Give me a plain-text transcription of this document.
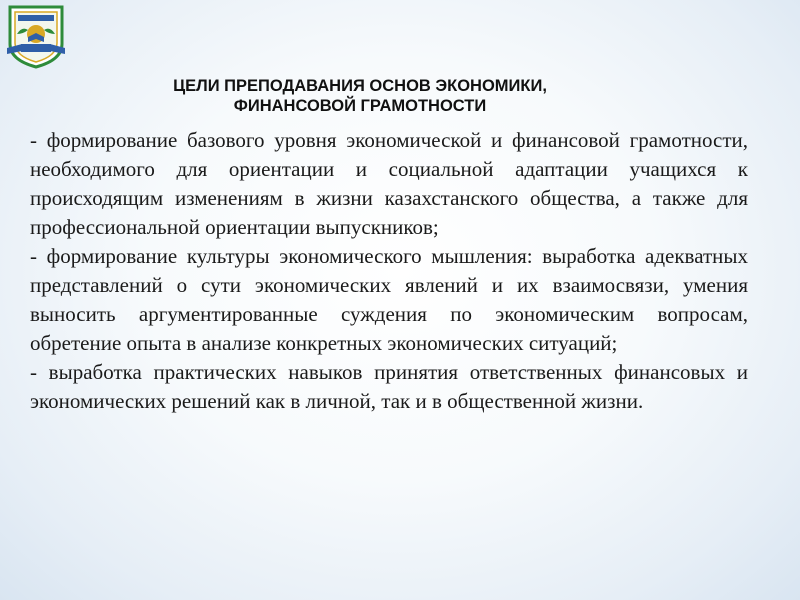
ЦЕЛИ ПРЕПОДАВАНИЯ ОСНОВ ЭКОНОМИКИ,
ФИНАНСОВОЙ ГРАМОТНОСТИ

- формирование базового уровня экономической и финансовой грамотности, необходимого для ориентации и социальной адаптации учащихся к происходящим изменениям в жизни казахстанского общества, а также для профессиональной ориентации выпускников;

- формирование культуры экономического мышления: выработка адекватных представлений о сути экономических явлений и их взаимосвязи, умения выносить аргументированные суждения по экономическим вопросам, обретение опыта в анализе конкретных экономических ситуаций;

- выработка практических навыков принятия ответственных финансовых и экономических решений как в личной, так и в общественной жизни.
